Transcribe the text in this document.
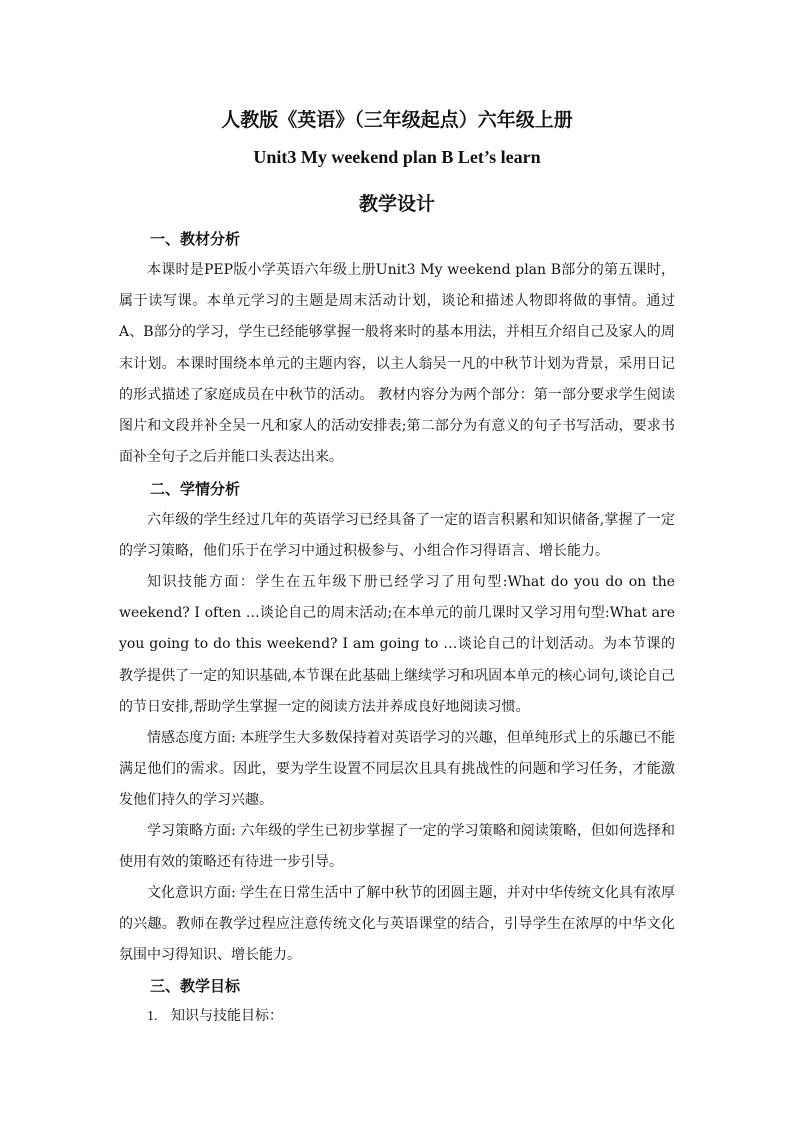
人教版《英语》（三年级起点）六年级上册
Unit3 My weekend plan B Let’s learn
教学设计
一、教材分析
本课时是PEP版小学英语六年级上册Unit3 My weekend plan B部分的第五课时，属于读写课。本单元学习的主题是周末活动计划，谈论和描述人物即将做的事情。通过A、B部分的学习，学生已经能够掌握一般将来时的基本用法，并相互介绍自己及家人的周末计划。本课时围绕本单元的主题内容，以主人翁吴一凡的中秋节计划为背景，采用日记的形式描述了家庭成员在中秋节的活动。 教材内容分为两个部分：第一部分要求学生阅读图片和文段并补全吴一凡和家人的活动安排表;第二部分为有意义的句子书写活动，要求书面补全句子之后并能口头表达出来。
二、学情分析
六年级的学生经过几年的英语学习已经具备了一定的语言积累和知识储备,掌握了一定的学习策略，他们乐于在学习中通过积极参与、小组合作习得语言、增长能力。
知识技能方面：学生在五年级下册已经学习了用句型:What do you do on the weekend? I often …谈论自己的周末活动;在本单元的前几课时又学习用句型:What are you going to do this weekend? I am going to …谈论自己的计划活动。为本节课的教学提供了一定的知识基础,本节课在此基础上继续学习和巩固本单元的核心词句,谈论自己的节日安排,帮助学生掌握一定的阅读方法并养成良好地阅读习惯。
情感态度方面: 本班学生大多数保持着对英语学习的兴趣，但单纯形式上的乐趣已不能满足他们的需求。因此，要为学生设置不同层次且具有挑战性的问题和学习任务，才能激发他们持久的学习兴趣。
学习策略方面: 六年级的学生已初步掌握了一定的学习策略和阅读策略，但如何选择和使用有效的策略还有待进一步引导。
文化意识方面: 学生在日常生活中了解中秋节的团圆主题，并对中华传统文化具有浓厚的兴趣。教师在教学过程应注意传统文化与英语课堂的结合，引导学生在浓厚的中华文化氛围中习得知识、增长能力。
三、教学目标
1. 知识与技能目标：
